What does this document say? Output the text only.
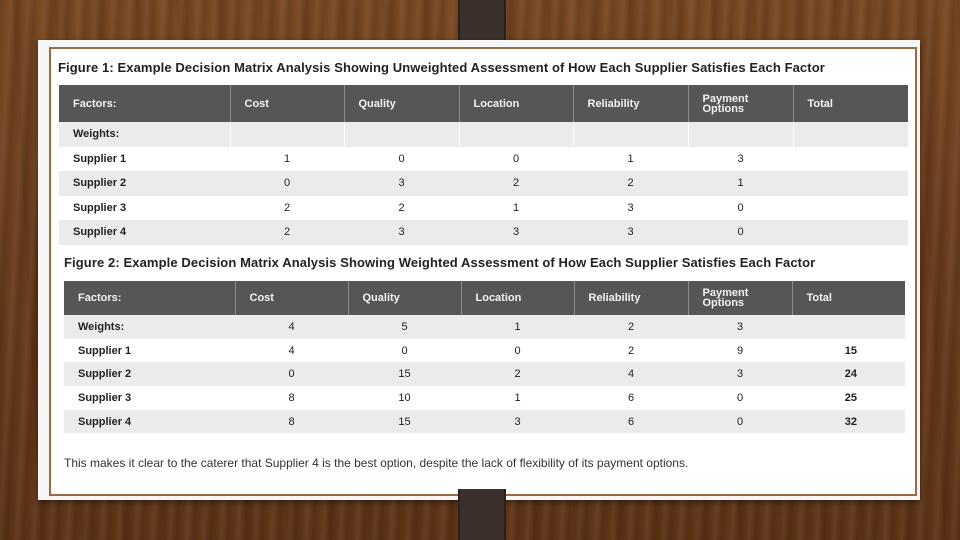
Figure 1: Example Decision Matrix Analysis Showing Unweighted Assessment of How Each Supplier Satisfies Each Factor

Factors:	Cost	Quality	Location	Reliability	Payment Options	Total
Weights:						
Supplier 1	1	0	0	1	3	
Supplier 2	0	3	2	2	1	
Supplier 3	2	2	1	3	0	
Supplier 4	2	3	3	3	0	

Figure 2: Example Decision Matrix Analysis Showing Weighted Assessment of How Each Supplier Satisfies Each Factor

Factors:	Cost	Quality	Location	Reliability	Payment Options	Total
Weights:	4	5	1	2	3	
Supplier 1	4	0	0	2	9	15
Supplier 2	0	15	2	4	3	24
Supplier 3	8	10	1	6	0	25
Supplier 4	8	15	3	6	0	32

This makes it clear to the caterer that Supplier 4 is the best option, despite the lack of flexibility of its payment options.
